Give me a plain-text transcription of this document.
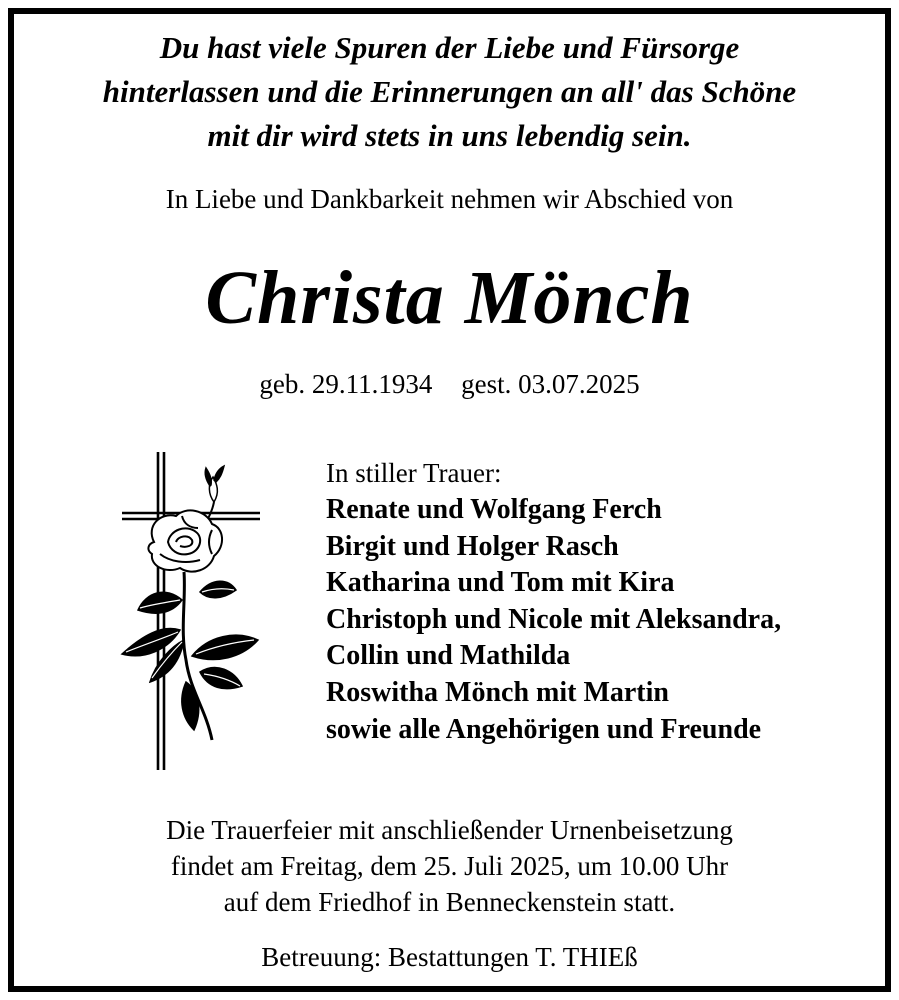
Du hast viele Spuren der Liebe und Fürsorge
hinterlassen und die Erinnerungen an all' das Schöne
mit dir wird stets in uns lebendig sein.
In Liebe und Dankbarkeit nehmen wir Abschied von
Christa Mönch
geb. 29.11.1934 gest. 03.07.2025
In stiller Trauer:
Renate und Wolfgang Ferch
Birgit und Holger Rasch
Katharina und Tom mit Kira
Christoph und Nicole mit Aleksandra,
Collin und Mathilda
Roswitha Mönch mit Martin
sowie alle Angehörigen und Freunde
Die Trauerfeier mit anschließender Urnenbeisetzung
findet am Freitag, dem 25. Juli 2025, um 10.00 Uhr
auf dem Friedhof in Benneckenstein statt.
Betreuung: Bestattungen T. THIEß
